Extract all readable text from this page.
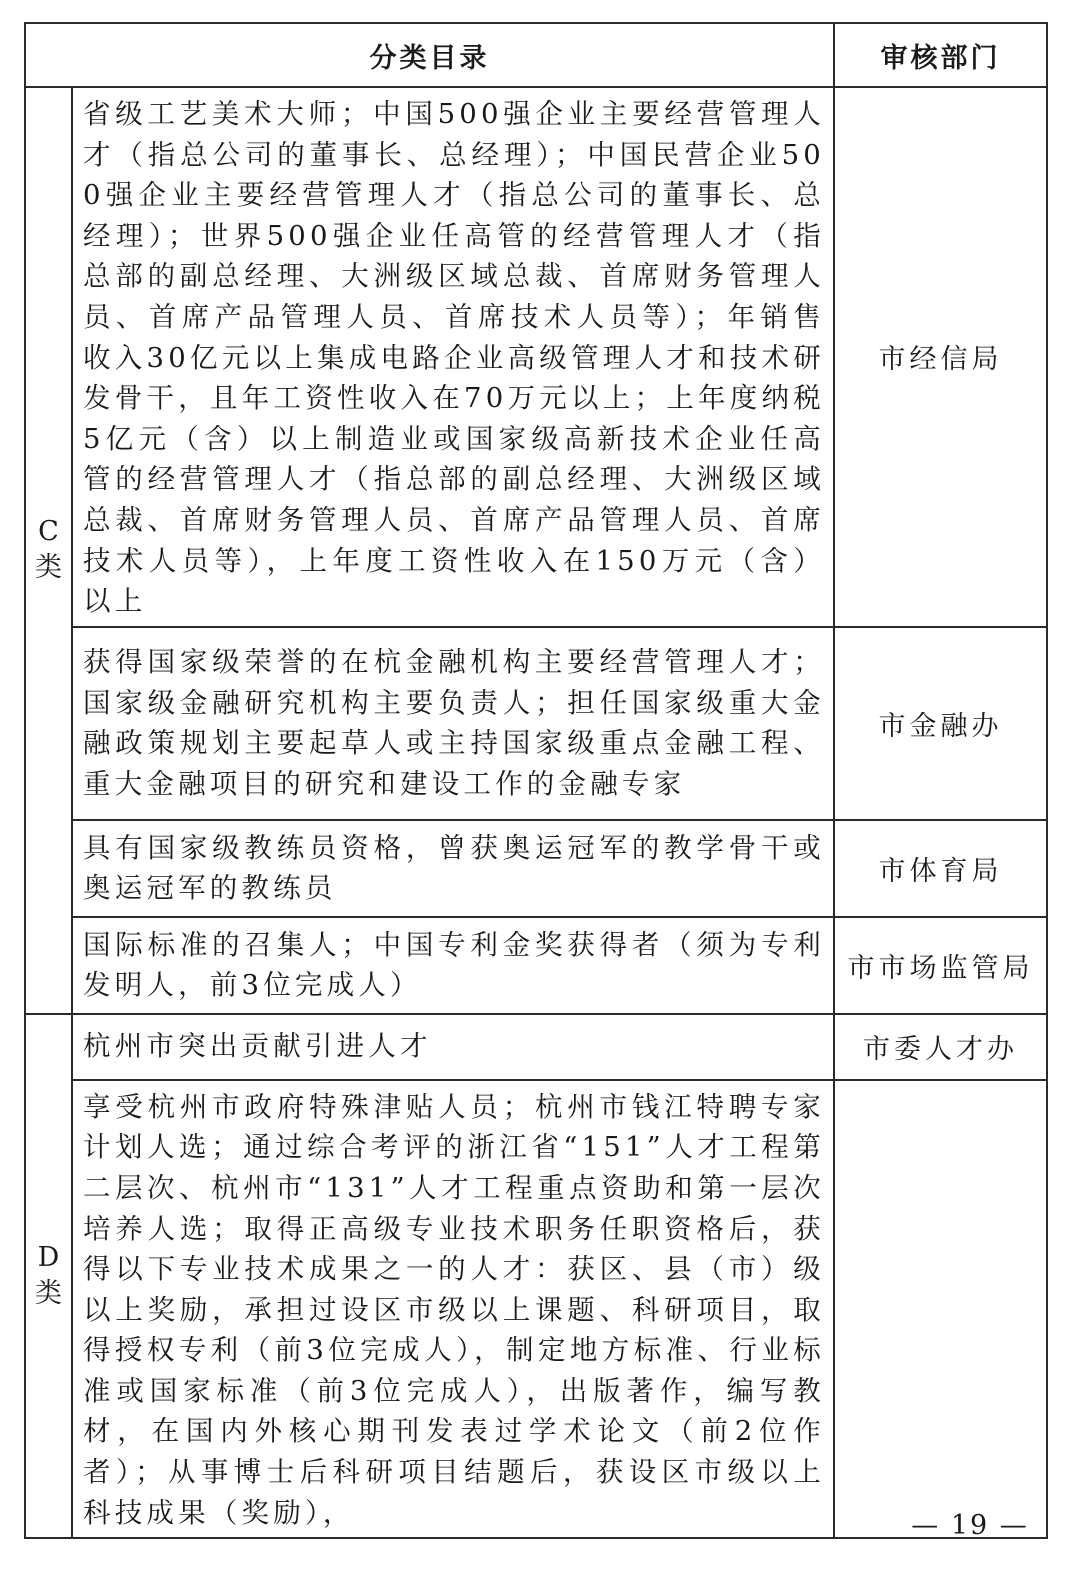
分类目录		审核部门

C
类	省级工艺美术大师；中国500强企业主要经营管理人才（指总公司的董事长、总经理）；中国民营企业500强企业主要经营管理人才（指总公司的董事长、总经理）；世界500强企业任高管的经营管理人才（指总部的副总经理、大洲级区域总裁、首席财务管理人员、首席产品管理人员、首席技术人员等）；年销售收入30亿元以上集成电路企业高级管理人才和技术研发骨干，且年工资性收入在70万元以上；上年度纳税5亿元（含）以上制造业或国家级高新技术企业任高管的经营管理人才（指总部的副总经理、大洲级区域总裁、首席财务管理人员、首席产品管理人员、首席技术人员等），上年度工资性收入在150万元（含）以上	市经信局
	获得国家级荣誉的在杭金融机构主要经营管理人才；国家级金融研究机构主要负责人；担任国家级重大金融政策规划主要起草人或主持国家级重点金融工程、重大金融项目的研究和建设工作的金融专家	市金融办
	具有国家级教练员资格，曾获奥运冠军的教学骨干或奥运冠军的教练员	市体育局
	国际标准的召集人；中国专利金奖获得者（须为专利发明人，前3位完成人）	市市场监管局

D
类	杭州市突出贡献引进人才	市委人才办
	享受杭州市政府特殊津贴人员；杭州市钱江特聘专家计划人选；通过综合考评的浙江省“151”人才工程第二层次、杭州市“131”人才工程重点资助和第一层次培养人选；取得正高级专业技术职务任职资格后，获得以下专业技术成果之一的人才：获区、县（市）级以上奖励，承担过设区市级以上课题、科研项目，取得授权专利（前3位完成人），制定地方标准、行业标准或国家标准（前3位完成人），出版著作，编写教材，在国内外核心期刊发表过学术论文（前2位作者）；从事博士后科研项目结题后，获设区市级以上科技成果（奖励），		— 19 —
